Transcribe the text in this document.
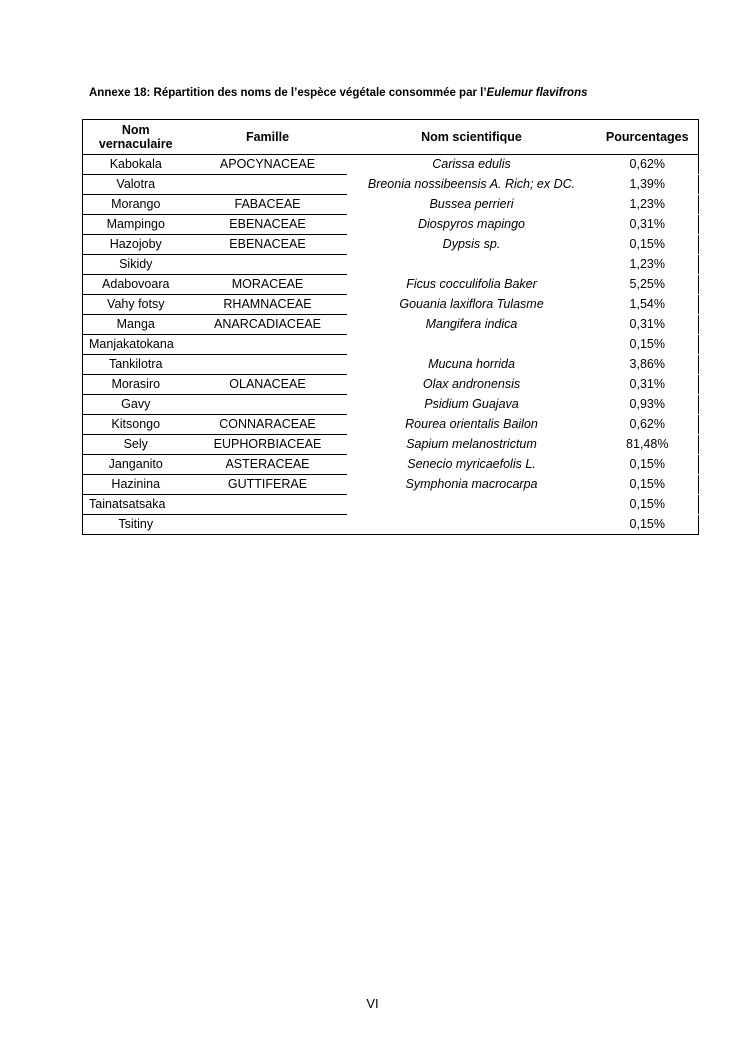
Annexe 18: Répartition des noms de l’espèce végétale consommée par l’Eulemur flavifrons
Nom
vernaculaire	Famille	Nom scientifique	Pourcentages
Kabokala	APOCYNACEAE	Carissa edulis	0,62%
Valotra		Breonia nossibeensis A. Rich; ex DC.	1,39%
Morango	FABACEAE	Bussea perrieri	1,23%
Mampingo	EBENACEAE	Diospyros mapingo	0,31%
Hazojoby	EBENACEAE	Dypsis sp.	0,15%
Sikidy			1,23%
Adabovoara	MORACEAE	Ficus cocculifolia Baker	5,25%
Vahy fotsy	RHAMNACEAE	Gouania laxiflora Tulasme	1,54%
Manga	ANARCADIACEAE	Mangifera indica	0,31%
Manjakatokana			0,15%
Tankilotra		Mucuna horrida	3,86%
Morasiro	OLANACEAE	Olax andronensis	0,31%
Gavy		Psidium Guajava	0,93%
Kitsongo	CONNARACEAE	Rourea orientalis Bailon	0,62%
Sely	EUPHORBIACEAE	Sapium melanostrictum	81,48%
Janganito	ASTERACEAE	Senecio myricaefolis L.	0,15%
Hazinina	GUTTIFERAE	Symphonia macrocarpa	0,15%
Tainatsatsaka			0,15%
Tsitiny			0,15%
VI
